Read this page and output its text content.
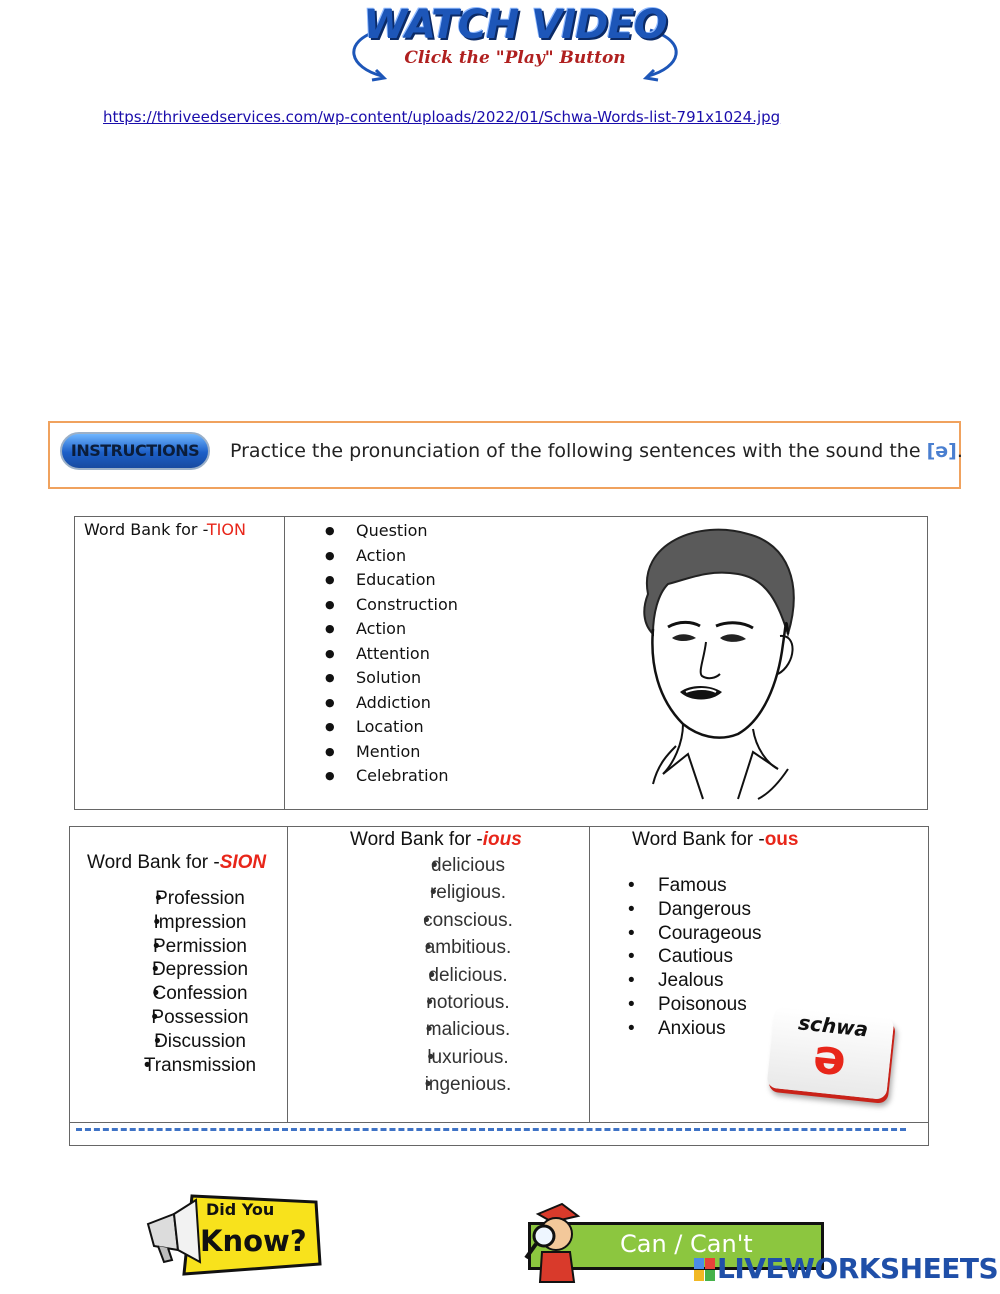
WATCH VIDEO
Click the "Play" Button
https://thriveedservices.com/wp-content/uploads/2022/01/Schwa-Words-list-791x1024.jpg
INSTRUCTIONS	Practice the pronunciation of the following sentences with the sound the [ə].
Word Bank for -TION
●	Question
● Action
● Education
● Construction
● Action
● Attention
● Solution
● Addiction
● Location
● Mention
● Celebration
Word Bank for -SION
• Profession
• Impression
• Permission
• Depression
• Confession
• Possession
• Discussion
• Transmission
Word Bank for -ious
• delicious
• religious.
• conscious.
• ambitious.
• delicious.
• notorious.
• malicious.
• luxurious.
• ingenious.
Word Bank for -ous
• Famous
• Dangerous
• Courageous
• Cautious
• Jealous
• Poisonous
• Anxious	schwa
ə
Did You
Know?	Can / Can't
LIVEWORKSHEETS
